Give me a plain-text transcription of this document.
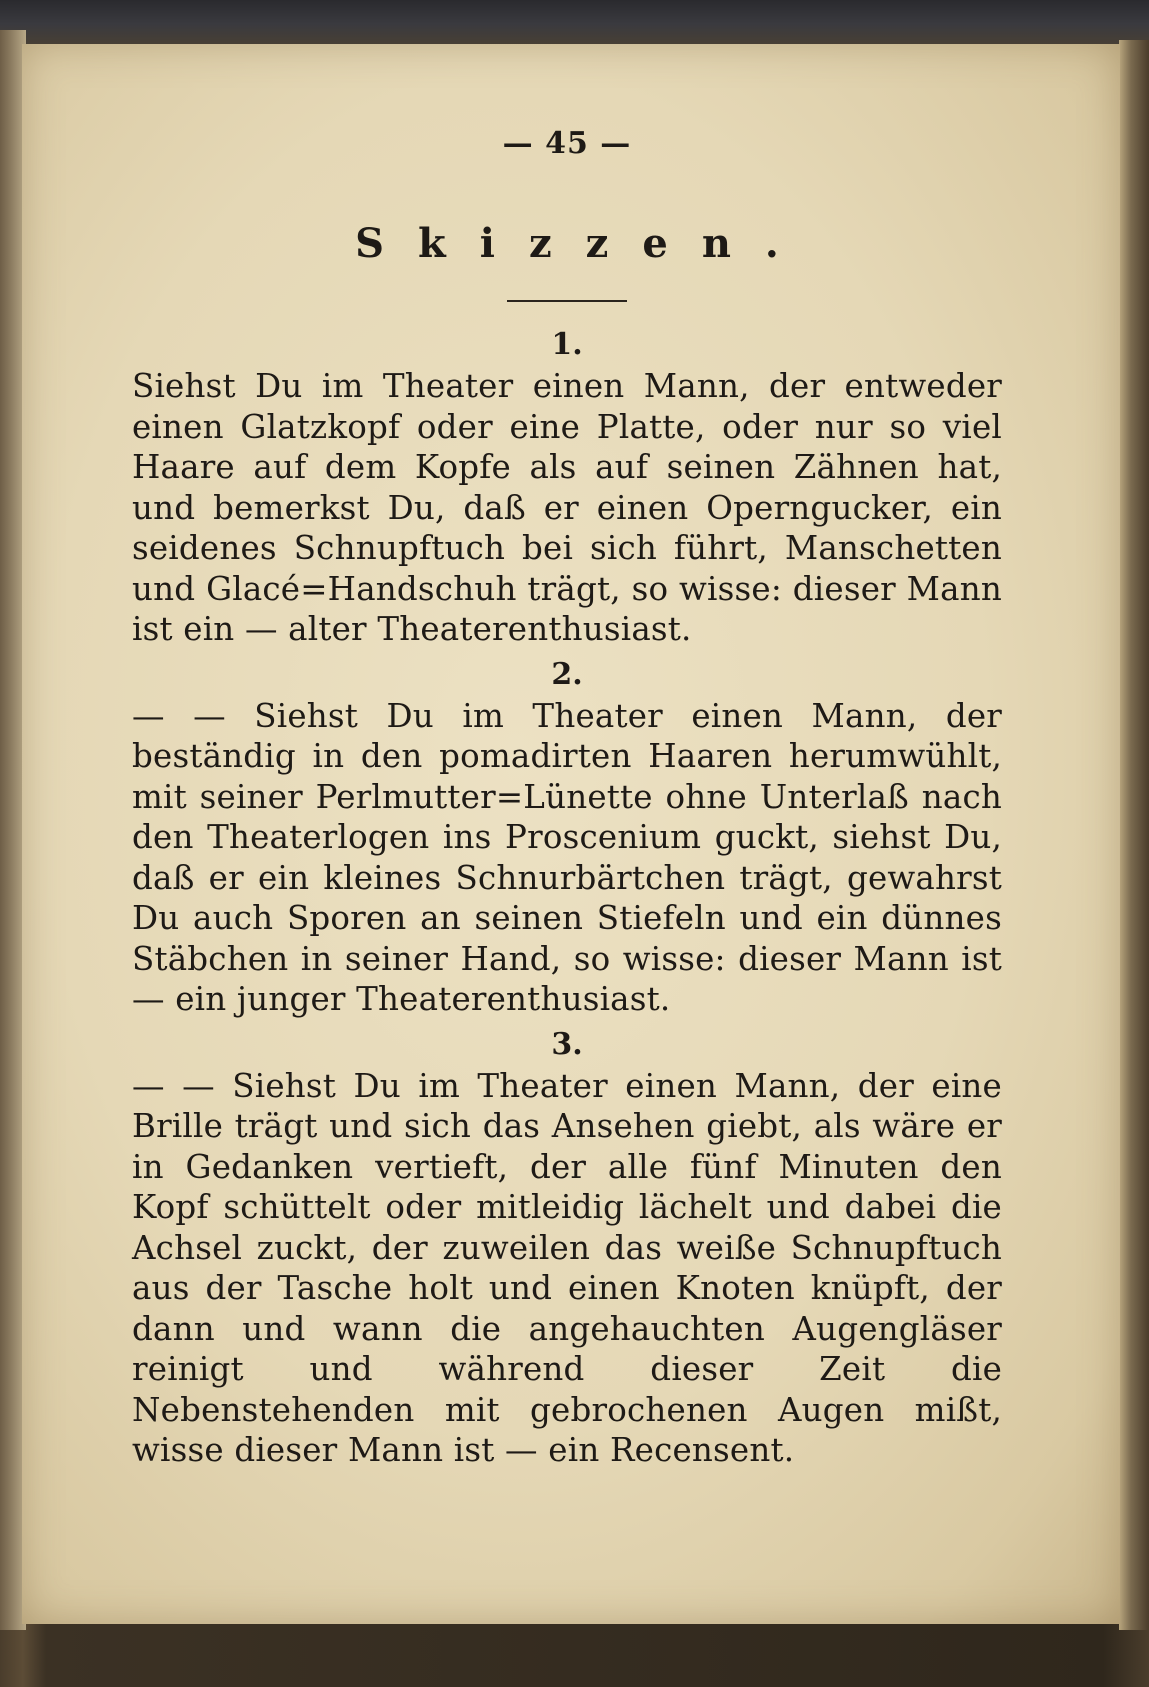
— 45 —
Skizzen.
1.

Siehst Du im Theater einen Mann, der entweder einen Glatzkopf oder eine Platte, oder nur so viel Haare auf dem Kopfe als auf seinen Zähnen hat, und bemerkst Du, daß er einen Operngucker, ein seidenes Schnupftuch bei sich führt, Manschetten und Glacé=Handschuh trägt, so wisse: dieser Mann ist ein — alter Theaterenthusiast.

2.

— — Siehst Du im Theater einen Mann, der beständig in den pomadirten Haaren herumwühlt, mit seiner Perlmutter=Lünette ohne Unterlaß nach den Theaterlogen ins Proscenium guckt, siehst Du, daß er ein kleines Schnurbärtchen trägt, gewahrst Du auch Sporen an seinen Stiefeln und ein dünnes Stäbchen in seiner Hand, so wisse: dieser Mann ist — ein junger Theaterenthusiast.

3.

— — Siehst Du im Theater einen Mann, der eine Brille trägt und sich das Ansehen giebt, als wäre er in Gedanken vertieft, der alle fünf Minuten den Kopf schüttelt oder mitleidig lächelt und dabei die Achsel zuckt, der zuweilen das weiße Schnupftuch aus der Tasche holt und einen Knoten knüpft, der dann und wann die angehauchten Augengläser reinigt und während dieser Zeit die Nebenstehenden mit gebrochenen Augen mißt, wisse dieser Mann ist — ein Recensent.
